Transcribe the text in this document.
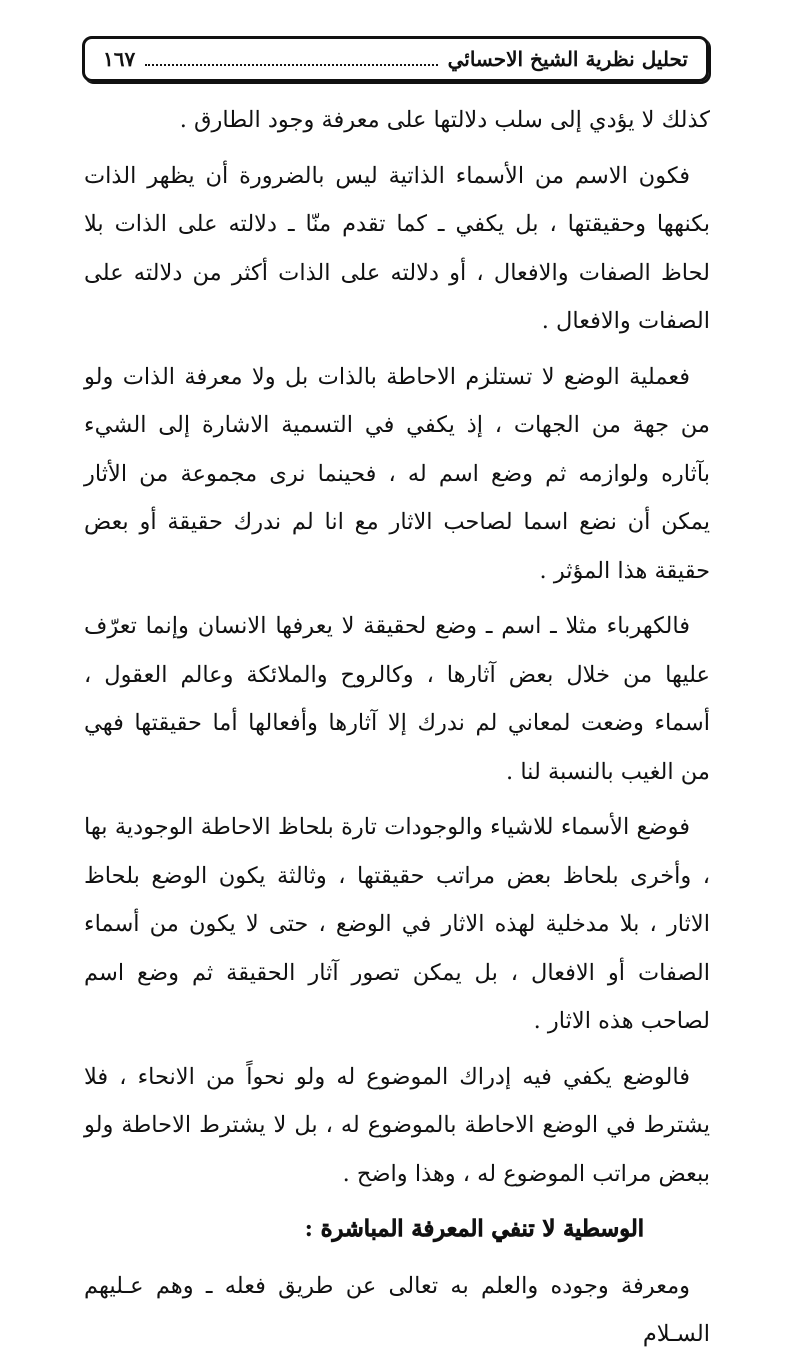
تحليل نظرية الشيخ الاحسائي
١٦٧

كذلك لا يؤدي إلى سلب دلالتها على معرفة وجود الطارق .

فكون الاسم من الأسماء الذاتية ليس بالضرورة أن يظهر الذات بكنهها وحقيقتها ، بل يكفي ـ كما تقدم منّا ـ دلالته على الذات بلا لحاظ الصفات والافعال ، أو دلالته على الذات أكثر من دلالته على الصفات والافعال .

فعملية الوضع لا تستلزم الاحاطة بالذات بل ولا معرفة الذات ولو من جهة من الجهات ، إذ يكفي في التسمية الاشارة إلى الشيء بآثاره ولوازمه ثم وضع اسم له ، فحينما نرى مجموعة من الأثار يمكن أن نضع اسما لصاحب الاثار مع انا لم ندرك حقيقة أو بعض حقيقة هذا المؤثر .

فالكهرباء مثلا ـ اسم ـ وضع لحقيقة لا يعرفها الانسان وإنما تعرّف عليها من خلال بعض آثارها ، وكالروح والملائكة وعالم العقول ، أسماء وضعت لمعاني لم ندرك إلا آثارها وأفعالها أما حقيقتها فهي من الغيب بالنسبة لنا .

فوضع الأسماء للاشياء والوجودات تارة بلحاظ الاحاطة الوجودية بها ، وأخرى بلحاظ بعض مراتب حقيقتها ، وثالثة يكون الوضع بلحاظ الاثار ، بلا مدخلية لهذه الاثار في الوضع ، حتى لا يكون من أسماء الصفات أو الافعال ، بل يمكن تصور آثار الحقيقة ثم وضع اسم لصاحب هذه الاثار .

فالوضع يكفي فيه إدراك الموضوع له ولو نحواً من الانحاء ، فلا يشترط في الوضع الاحاطة بالموضوع له ، بل لا يشترط الاحاطة ولو ببعض مراتب الموضوع له ، وهذا واضح .

الوسطية لا تنفي المعرفة المباشرة :

ومعرفة وجوده والعلم به تعالى عن طريق فعله ـ وهم عـليهم السـلام
